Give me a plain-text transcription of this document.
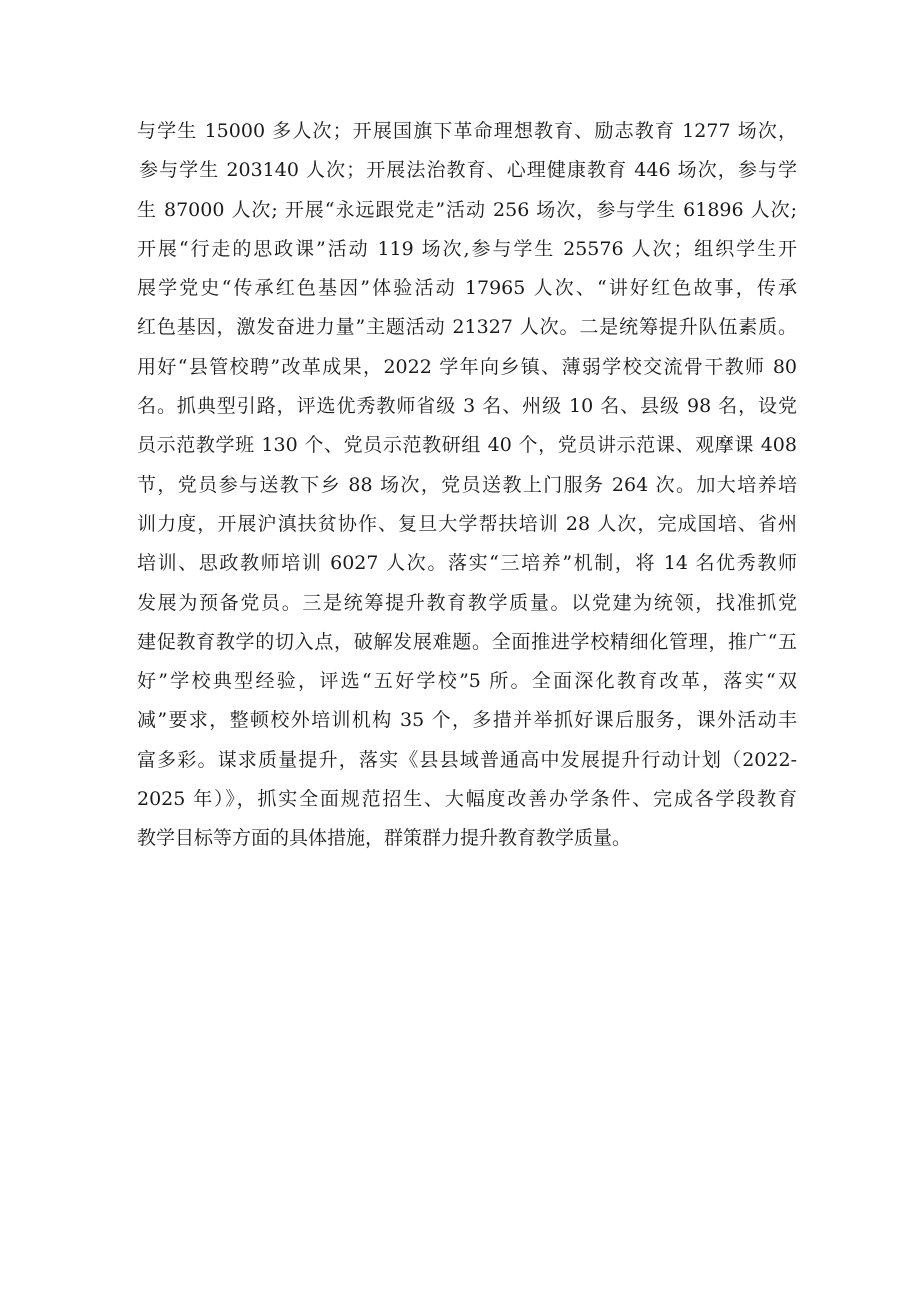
与学生 15000 多人次；开展国旗下革命理想教育、励志教育 1277 场次，
参与学生 203140 人次；开展法治教育、心理健康教育 446 场次，参与学
生 87000 人次; 开展“永远跟党走”活动 256 场次，参与学生 61896 人次;
开展“行走的思政课”活动 119 场次,参与学生 25576 人次；组织学生开
展学党史“传承红色基因”体验活动 17965 人次、“讲好红色故事，传承
红色基因，激发奋进力量”主题活动 21327 人次。二是统筹提升队伍素质。
用好“县管校聘”改革成果，2022 学年向乡镇、薄弱学校交流骨干教师 80
名。抓典型引路，评选优秀教师省级 3 名、州级 10 名、县级 98 名，设党
员示范教学班 130 个、党员示范教研组 40 个，党员讲示范课、观摩课 408
节，党员参与送教下乡 88 场次，党员送教上门服务 264 次。加大培养培
训力度，开展沪滇扶贫协作、复旦大学帮扶培训 28 人次，完成国培、省州
培训、思政教师培训 6027 人次。落实“三培养”机制，将 14 名优秀教师
发展为预备党员。三是统筹提升教育教学质量。以党建为统领，找准抓党
建促教育教学的切入点，破解发展难题。全面推进学校精细化管理，推广“五
好”学校典型经验，评选“五好学校”5 所。全面深化教育改革，落实“双
减”要求，整顿校外培训机构 35 个，多措并举抓好课后服务，课外活动丰
富多彩。谋求质量提升，落实《县县域普通高中发展提升行动计划（2022-
2025 年）》，抓实全面规范招生、大幅度改善办学条件、完成各学段教育
教学目标等方面的具体措施，群策群力提升教育教学质量。
